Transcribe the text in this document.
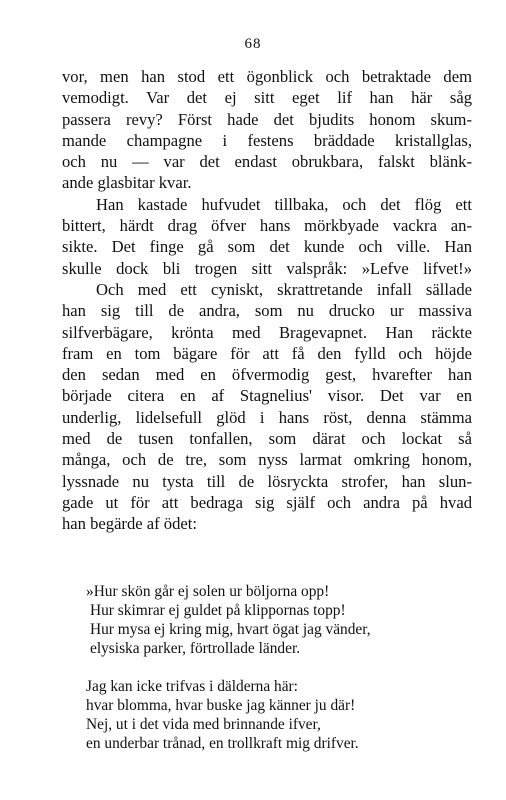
68
vor, men han stod ett ögonblick och betraktade dem
vemodigt. Var det ej sitt eget lif han här såg
passera revy? Först hade det bjudits honom skum-
mande champagne i festens bräddade kristallglas,
och nu — var det endast obrukbara, falskt blänk-
ande glasbitar kvar.
Han kastade hufvudet tillbaka, och det flög ett
bittert, härdt drag öfver hans mörkbyade vackra an-
sikte. Det finge gå som det kunde och ville. Han
skulle dock bli trogen sitt valspråk: »Lefve lifvet!»
Och med ett cyniskt, skrattretande infall sällade
han sig till de andra, som nu drucko ur massiva
silfverbägare, krönta med Bragevapnet. Han räckte
fram en tom bägare för att få den fylld och höjde
den sedan med en öfvermodig gest, hvarefter han
började citera en af Stagnelius' visor. Det var en
underlig, lidelsefull glöd i hans röst, denna stämma
med de tusen tonfallen, som därat och lockat så
många, och de tre, som nyss larmat omkring honom,
lyssnade nu tysta till de lösryckta strofer, han slun-
gade ut för att bedraga sig själf och andra på hvad
han begärde af ödet:
»Hur skön går ej solen ur böljorna opp!
Hur skimrar ej guldet på klippornas topp!
Hur mysa ej kring mig, hvart ögat jag vänder,
elysiska parker, förtrollade länder.
Jag kan icke trifvas i dälderna här:
hvar blomma, hvar buske jag känner ju där!
Nej, ut i det vida med brinnande ifver,
en underbar trånad, en trollkraft mig drifver.
